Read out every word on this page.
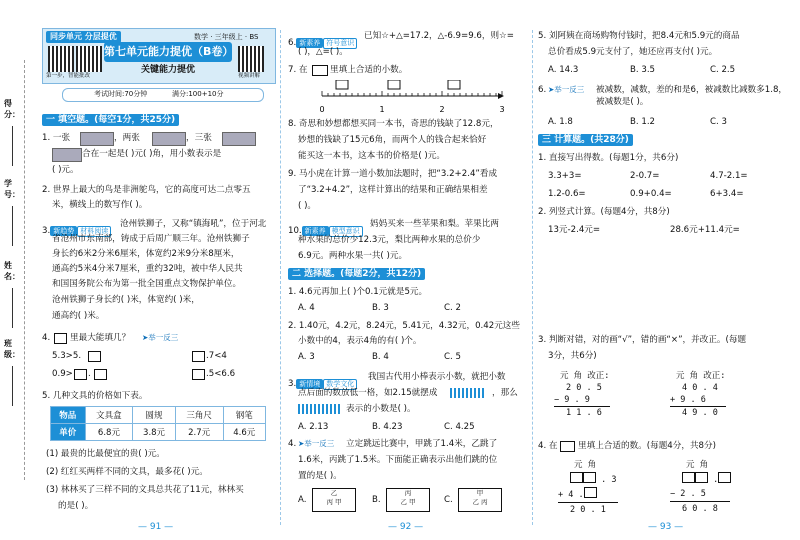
得分：
学号：
姓名：
班级：
同步单元 分层提优	数学 · 三年级上 · BS
第一步，智能批改
第七单元能力提优（B卷）
关键能力提优
视频讲解
考试时间:70分钟	满分:100+10分
一 填空题。(每空1分，共25分)
1. 一张	，两张	，三张
合在一起是( )元( )角，用小数表示是
( )元。
2. 世界上最大的鸟是非洲鸵鸟，它的高度可达二点零五
米，横线上的数写作( )。
3. 新趋势 材料阅读
沧州铁狮子，又称“镇海吼”，位于河北
省沧州市东南部，铸成于后周广顺三年。沧州铁狮子
身长约6米2分米6厘米，体宽约2米9分米8厘米，
通高约5米4分米7厘米，重约32吨，被中华人民共
和国国务院公布为第一批全国重点文物保护单位。
沧州铁狮子身长约( )米，体宽约( )米，
通高约( )米。
4. 里最大能填几？ ➤举一反三
5.3>5.	.7<4
0.9> .	.5<6.6
5. 几种文具的价格如下表。
物品	文具盒	圆规	三角尺	钢笔
单价	6.8元	3.8元	2.7元	4.6元
(1) 最贵的比最便宜的贵( )元。
(2) 红红买两样不同的文具，最多花( )元。
(3) 林林买了三样不同的文具总共花了11元，林林买
的是( )。
— 91 —
6. 新素养 符号意识
已知☆+△=17.2，△-6.9=9.6，则☆=
( )，△=( )。
7. 在	里填上合适的小数。
0	1	2	3
8. 奇思和妙想都想买同一本书，奇思的钱缺了12.8元，
妙想的钱缺了15元6角，而两个人的钱合起来恰好
能买这一本书，这本书的价格是( )元。
9. 马小虎在计算一道小数加法题时，把“3.2+2.4”看成
了“3.2+4.2”，这样计算出的结果和正确结果相差
( )。
10. 新素养 模型意识
妈妈买来一些苹果和梨。苹果比两
种水果的总价少12.3元，梨比两种水果的总价少
6.9元。两种水果一共( )元。
二 选择题。(每题2分，共12分)
1. 4.6元再加上( )个0.1元就是5元。
A. 4	B. 3	C. 2
2. 1.40元，4.2元，8.24元，5.41元，4.32元，0.42元这些
小数中的4，表示4角的有( )个。
A. 3	B. 4	C. 5
3. 新情境 数学文化
我国古代用小棒表示小数，就把小数
点后面的数放低一格，如2.15就摆成	，那么
表示的小数是( )。
A. 2.13	B. 4.23	C. 4.25
4. ➤举一反三 立定跳远比赛中，甲跳了1.4米，乙跳了
1.6米，丙跳了1.5米。下面能正确表示出他们跳的位
置的是( )。
A.
乙
丙 甲	B.
丙
乙 甲	C.
甲
乙 丙
— 92 —
5. 刘阿姨在商场购物付钱时，把8.4元和5.9元的商品
总价看成5.9元支付了，她还应再支付( )元。
A. 14.3	B. 3.5	C. 2.5
6. ➤举一反三 被减数，减数，差的和是6，被减数比减数多1.8，被减数是( )。
A. 1.8	B. 1.2	C. 3
三 计算题。(共28分)
1. 直接写出得数。(每题1分，共6分)
3.3+3=	2-0.7=	4.7-2.1=
1.2-0.6=	0.9+0.4=	6+3.4=
2. 列竖式计算。(每题4分，共8分)
13元-2.4元=	28.6元+11.4元=
3. 判断对错，对的画“√”，错的画“×”，并改正。(每题
3分，共6分)
元 角 改正:
2 0 . 5
− 9 . 9
1 1 . 6
元 角 改正:
4 0 . 4
+ 9 . 6
4 9 . 0
4. 在 里填上合适的数。(每题4分，共8分)
元 角
. 3
+ 4 .
2 0 . 1
元 角
.
− 2 . 5
6 0 . 8
— 93 —
